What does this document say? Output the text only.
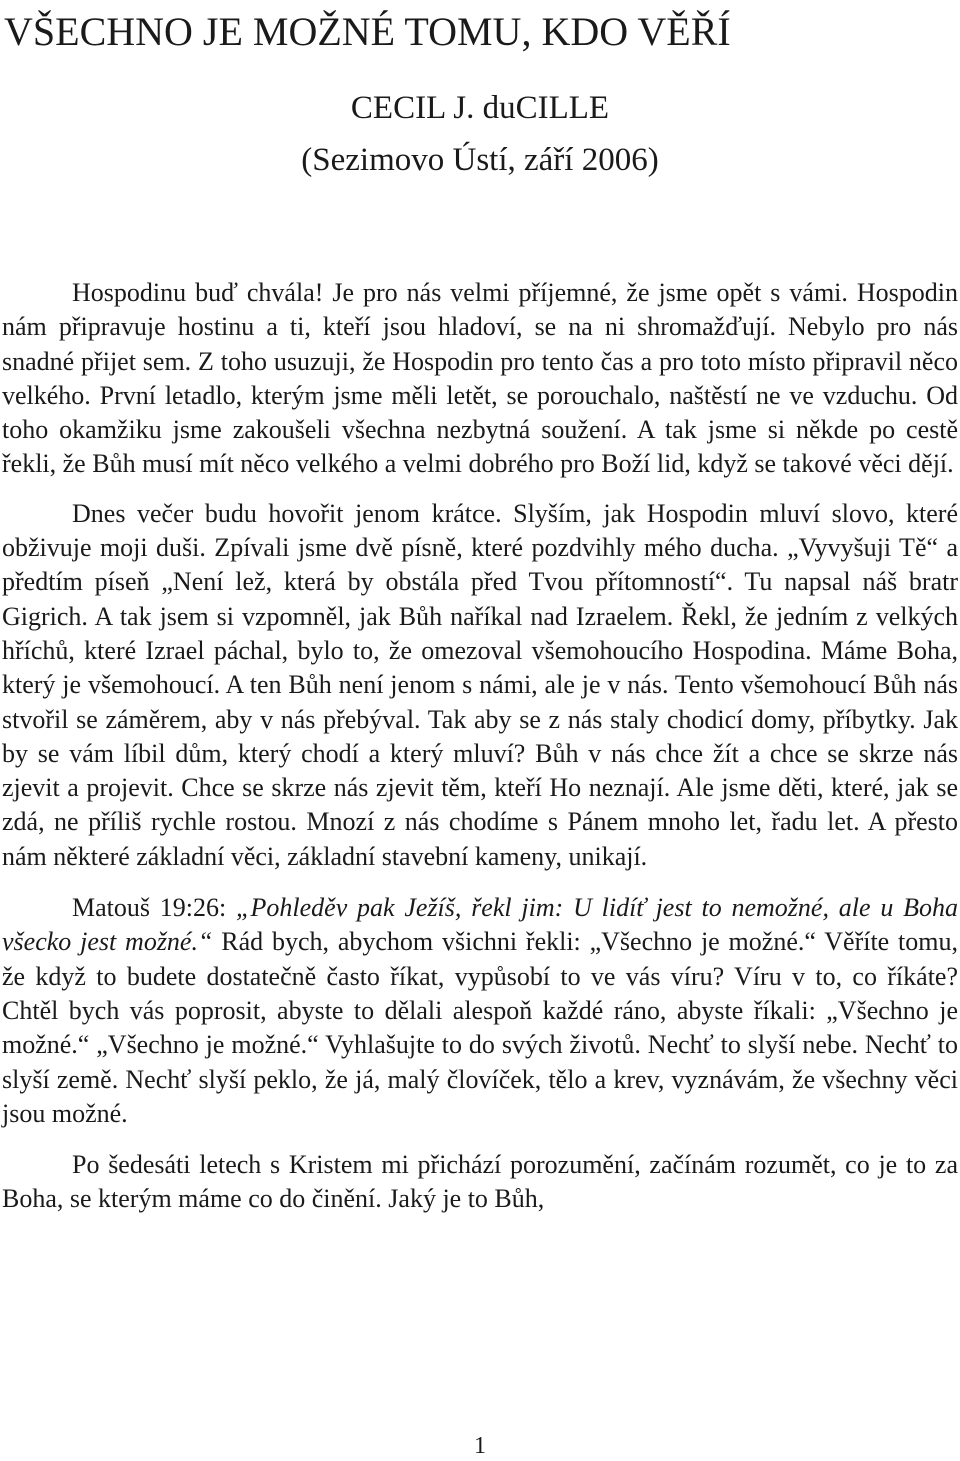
VŠECHNO JE MOŽNÉ TOMU, KDO VĚŘÍ
CECIL J. duCILLE
(Sezimovo Ústí, září 2006)

Hospodinu buď chvála! Je pro nás velmi příjemné, že jsme opět s vámi. Hospodin nám připravuje hostinu a ti, kteří jsou hladoví, se na ni shromažďují. Nebylo pro nás snadné přijet sem. Z toho usuzuji, že Hospodin pro tento čas a pro toto místo připravil něco velkého. První letadlo, kterým jsme měli letět, se porouchalo, naštěstí ne ve vzduchu. Od toho okamžiku jsme zakoušeli všechna nezbytná soužení. A tak jsme si někde po cestě řekli, že Bůh musí mít něco velkého a velmi dobrého pro Boží lid, když se takové věci dějí.

Dnes večer budu hovořit jenom krátce. Slyším, jak Hospodin mluví slovo, které obživuje moji duši. Zpívali jsme dvě písně, které pozdvihly mého ducha. „Vyvyšuji Tě“ a předtím píseň „Není lež, která by obstála před Tvou přítomností“. Tu napsal náš bratr Gigrich. A tak jsem si vzpomněl, jak Bůh naříkal nad Izraelem. Řekl, že jedním z velkých hříchů, které Izrael páchal, bylo to, že omezoval všemohoucího Hospodina. Máme Boha, který je všemohoucí. A ten Bůh není jenom s námi, ale je v nás. Tento všemohoucí Bůh nás stvořil se záměrem, aby v nás přebýval. Tak aby se z nás staly chodicí domy, příbytky. Jak by se vám líbil dům, který chodí a který mluví? Bůh v nás chce žít a chce se skrze nás zjevit a projevit. Chce se skrze nás zjevit těm, kteří Ho neznají. Ale jsme děti, které, jak se zdá, ne příliš rychle rostou. Mnozí z nás chodíme s Pánem mnoho let, řadu let. A přesto nám některé základní věci, základní stavební kameny, unikají.

Matouš 19:26: „Pohleděv pak Ježíš, řekl jim: U lidíť jest to nemožné, ale u Boha všecko jest možné.“ Rád bych, abychom všichni řekli: „Všechno je možné.“ Věříte tomu, že když to budete dostatečně často říkat, vypůsobí to ve vás víru? Víru v to, co říkáte? Chtěl bych vás poprosit, abyste to dělali alespoň každé ráno, abyste říkali: „Všechno je možné.“ „Všechno je možné.“ Vyhlašujte to do svých životů. Nechť to slyší nebe. Nechť to slyší země. Nechť slyší peklo, že já, malý človíček, tělo a krev, vyznávám, že všechny věci jsou možné.

Po šedesáti letech s Kristem mi přichází porozumění, začínám rozumět, co je to za Boha, se kterým máme co do činění. Jaký je to Bůh,

1
